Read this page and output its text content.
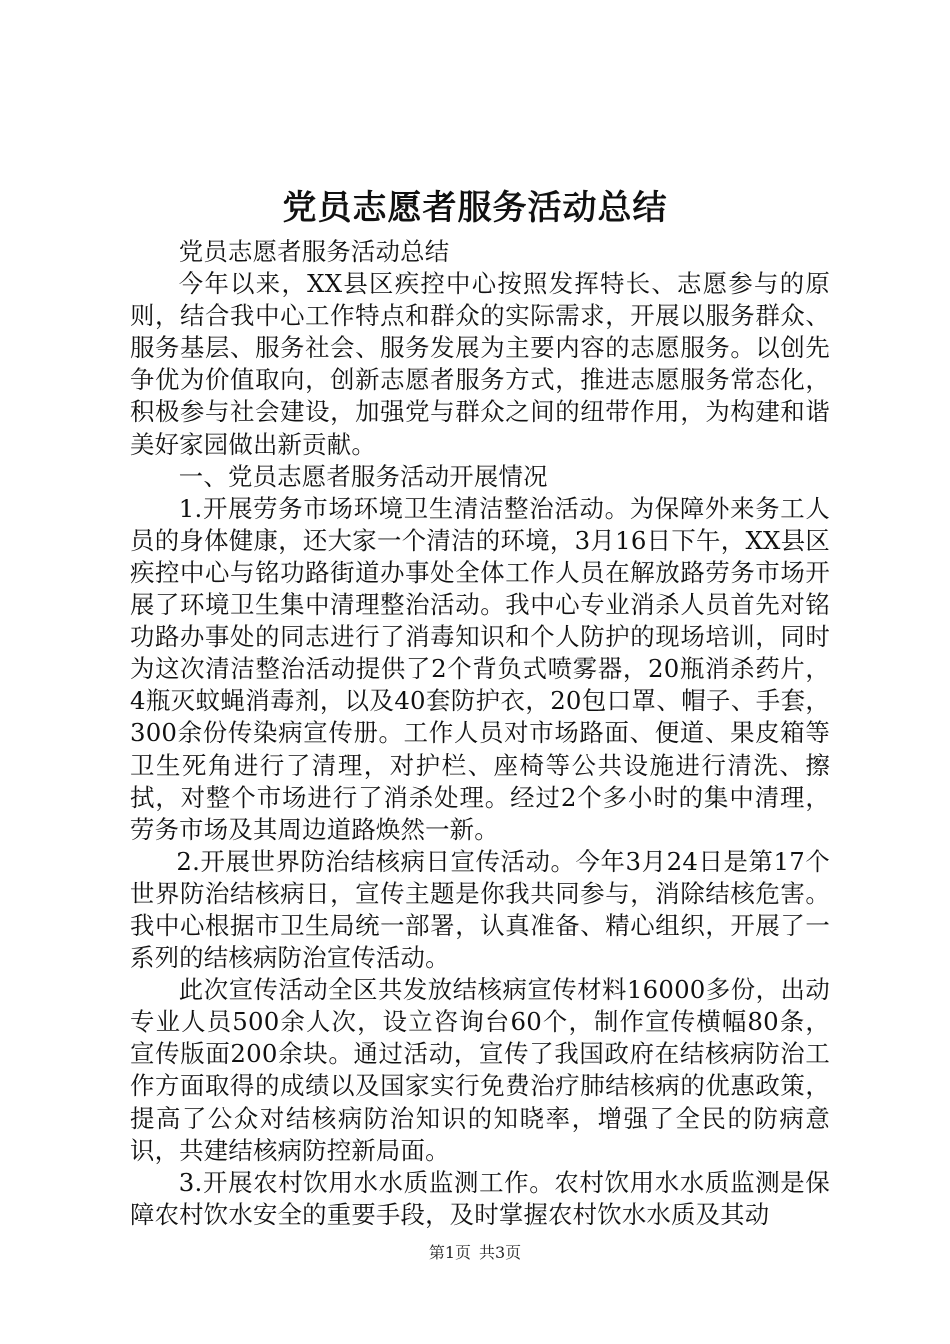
党员志愿者服务活动总结

党员志愿者服务活动总结

今年以来，XX县区疾控中心按照发挥特长、志愿参与的原则，结合我中心工作特点和群众的实际需求，开展以服务群众、服务基层、服务社会、服务发展为主要内容的志愿服务。以创先争优为价值取向，创新志愿者服务方式，推进志愿服务常态化，积极参与社会建设，加强党与群众之间的纽带作用，为构建和谐美好家园做出新贡献。

一、党员志愿者服务活动开展情况

1.开展劳务市场环境卫生清洁整治活动。为保障外来务工人员的身体健康，还大家一个清洁的环境，3月16日下午，XX县区疾控中心与铭功路街道办事处全体工作人员在解放路劳务市场开展了环境卫生集中清理整治活动。我中心专业消杀人员首先对铭功路办事处的同志进行了消毒知识和个人防护的现场培训，同时为这次清洁整治活动提供了2个背负式喷雾器，20瓶消杀药片，4瓶灭蚊蝇消毒剂，以及40套防护衣，20包口罩、帽子、手套，300余份传染病宣传册。工作人员对市场路面、便道、果皮箱等卫生死角进行了清理，对护栏、座椅等公共设施进行清洗、擦拭，对整个市场进行了消杀处理。经过2个多小时的集中清理，劳务市场及其周边道路焕然一新。

2.开展世界防治结核病日宣传活动。今年3月24日是第17个世界防治结核病日，宣传主题是你我共同参与，消除结核危害。我中心根据市卫生局统一部署，认真准备、精心组织，开展了一系列的结核病防治宣传活动。

此次宣传活动全区共发放结核病宣传材料16000多份，出动专业人员500余人次，设立咨询台60个，制作宣传横幅80条，宣传版面200余块。通过活动，宣传了我国政府在结核病防治工作方面取得的成绩以及国家实行免费治疗肺结核病的优惠政策，提高了公众对结核病防治知识的知晓率，增强了全民的防病意识，共建结核病防控新局面。

3.开展农村饮用水水质监测工作。农村饮用水水质监测是保障农村饮水安全的重要手段，及时掌握农村饮水水质及其动

第1页 共3页
